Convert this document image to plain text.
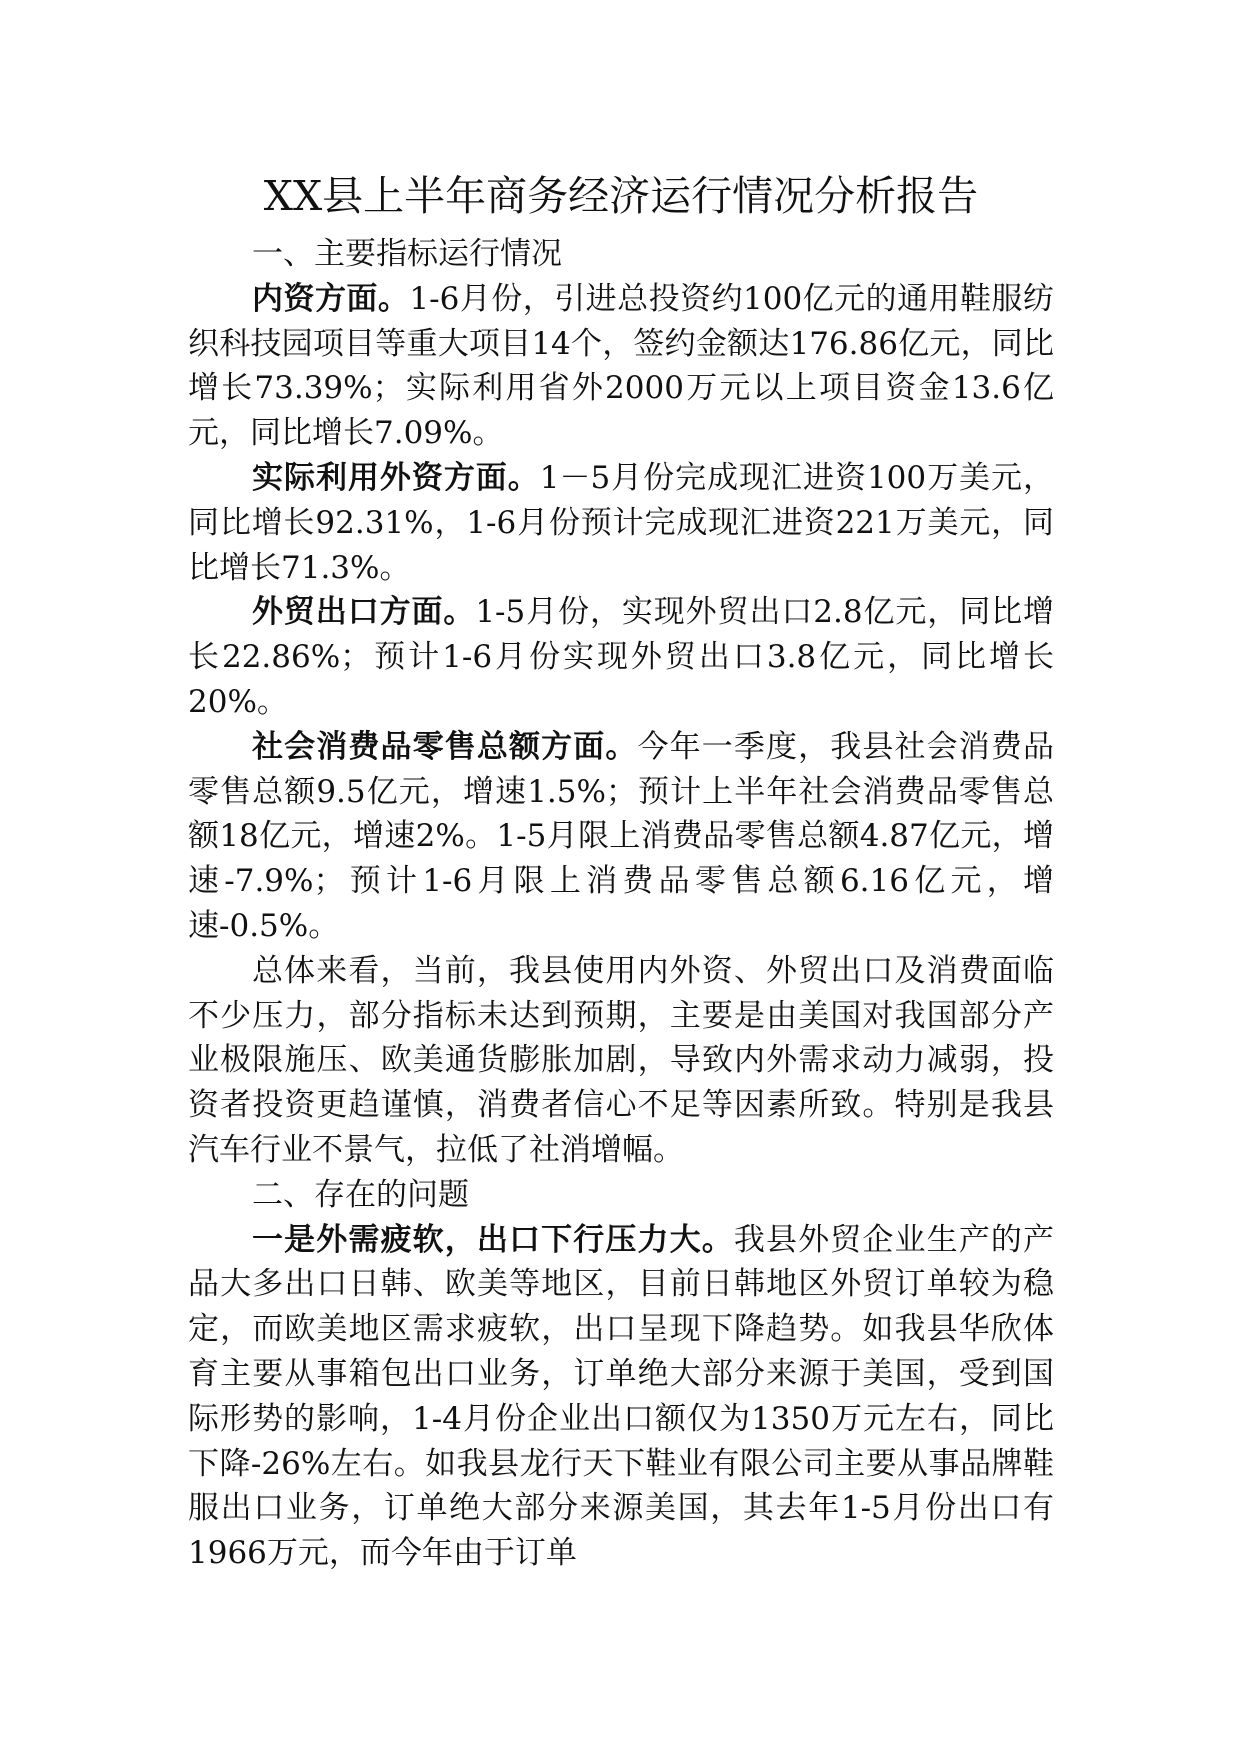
XX县上半年商务经济运行情况分析报告

一、主要指标运行情况

内资方面。1-6月份，引进总投资约100亿元的通用鞋服纺织科技园项目等重大项目14个，签约金额达176.86亿元，同比增长73.39%；实际利用省外2000万元以上项目资金13.6亿元，同比增长7.09%。

实际利用外资方面。1－5月份完成现汇进资100万美元，同比增长92.31%，1-6月份预计完成现汇进资221万美元，同比增长71.3%。

外贸出口方面。1-5月份，实现外贸出口2.8亿元，同比增长22.86%；预计1-6月份实现外贸出口3.8亿元，同比增长20%。

社会消费品零售总额方面。今年一季度，我县社会消费品零售总额9.5亿元，增速1.5%；预计上半年社会消费品零售总额18亿元，增速2%。1-5月限上消费品零售总额4.87亿元，增速-7.9%；预计1-6月限上消费品零售总额6.16亿元，增速-0.5%。

总体来看，当前，我县使用内外资、外贸出口及消费面临不少压力，部分指标未达到预期，主要是由美国对我国部分产业极限施压、欧美通货膨胀加剧，导致内外需求动力减弱，投资者投资更趋谨慎，消费者信心不足等因素所致。特别是我县汽车行业不景气，拉低了社消增幅。

二、存在的问题

一是外需疲软，出口下行压力大。我县外贸企业生产的产品大多出口日韩、欧美等地区，目前日韩地区外贸订单较为稳定，而欧美地区需求疲软，出口呈现下降趋势。如我县华欣体育主要从事箱包出口业务，订单绝大部分来源于美国，受到国际形势的影响，1-4月份企业出口额仅为1350万元左右，同比下降-26%左右。如我县龙行天下鞋业有限公司主要从事品牌鞋服出口业务，订单绝大部分来源美国，其去年1-5月份出口有1966万元，而今年由于订单
